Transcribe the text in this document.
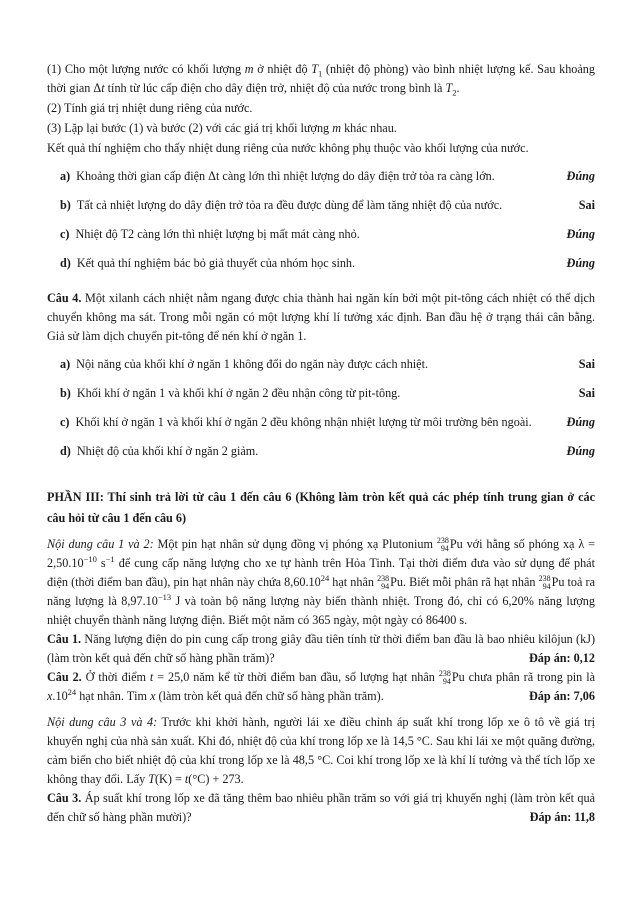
(1) Cho một lượng nước có khối lượng m ở nhiệt độ $T_1$ (nhiệt độ phòng) vào bình nhiệt lượng kế. Sau khoảng thời gian Δt tính từ lúc cấp điện cho dây điện trở, nhiệt độ của nước trong bình là $T_2$.

(2) Tính giá trị nhiệt dung riêng của nước.

(3) Lặp lại bước (1) và bước (2) với các giá trị khối lượng m khác nhau.

Kết quả thí nghiệm cho thấy nhiệt dung riêng của nước không phụ thuộc vào khối lượng của nước.

a) Khoảng thời gian cấp điện Δt càng lớn thì nhiệt lượng do dây điện trở tỏa ra càng lớn.	Đúng
b) Tất cả nhiệt lượng do dây điện trở tỏa ra đều được dùng để làm tăng nhiệt độ của nước.	Sai
c) Nhiệt độ T2 càng lớn thì nhiệt lượng bị mất mát càng nhỏ.	Đúng
d) Kết quả thí nghiệm bác bỏ giả thuyết của nhóm học sinh.	Đúng

Câu 4. Một xilanh cách nhiệt nằm ngang được chia thành hai ngăn kín bởi một pit-tông cách nhiệt có thể dịch chuyển không ma sát. Trong mỗi ngăn có một lượng khí lí tưởng xác định. Ban đầu hệ ở trạng thái cân bằng. Giả sử làm dịch chuyển pit-tông để nén khí ở ngăn 1.

a) Nội năng của khối khí ở ngăn 1 không đổi do ngăn này được cách nhiệt.	Sai
b) Khối khí ở ngăn 1 và khối khí ở ngăn 2 đều nhận công từ pit-tông.	Sai
c) Khối khí ở ngăn 1 và khối khí ở ngăn 2 đều không nhận nhiệt lượng từ môi trường bên ngoài.	Đúng
d) Nhiệt độ của khối khí ở ngăn 2 giảm.	Đúng

PHẦN III: Thí sinh trả lời từ câu 1 đến câu 6 (Không làm tròn kết quả các phép tính trung gian ở các câu hỏi từ câu 1 đến câu 6)

Nội dung câu 1 và 2: Một pin hạt nhân sử dụng đồng vị phóng xạ Plutonium 238
94 Pu với hằng số phóng xạ $\lambda = 2,50.10^{-10}$ $s^{-1}$ để cung cấp năng lượng cho xe tự hành trên Hỏa Tinh. Tại thời điểm đưa vào sử dụng để phát điện (thời điểm ban đầu), pin hạt nhân này chứa 8,60.10$^{24}$ hạt nhân 238
94 Pu. Biết mỗi phân rã hạt nhân 238
94 Pu toả ra năng lượng là $8,97.10^{-13}$ J và toàn bộ năng lượng này biến thành nhiệt. Trong đó, chỉ có 6,20% năng lượng nhiệt chuyển thành năng lượng điện. Biết một năm có 365 ngày, một ngày có 86400 s.

Câu 1. Năng lượng điện do pin cung cấp trong giây đầu tiên tính từ thời điểm ban đầu là bao nhiêu kilôjun (kJ) (làm tròn kết quả đến chữ số hàng phần trăm)?	Đáp án: 0,12

Câu 2. Ở thời điểm t = 25,0 năm kể từ thời điểm ban đầu, số lượng hạt nhân 238
94 Pu chưa phân rã trong pin là $x.10^{24}$ hạt nhân. Tìm x (làm tròn kết quả đến chữ số hàng phần trăm).	Đáp án: 7,06

Nội dung câu 3 và 4: Trước khi khởi hành, người lái xe điều chỉnh áp suất khí trong lốp xe ô tô về giá trị khuyến nghị của nhà sản xuất. Khi đó, nhiệt độ của khí trong lốp xe là 14,5 °C. Sau khi lái xe một quãng đường, cảm biến cho biết nhiệt độ của khí trong lốp xe là 48,5 °C. Coi khí trong lốp xe là khí lí tưởng và thể tích lốp xe không thay đổi. Lấy T(K) = t(°C) + 273.

Câu 3. Áp suất khí trong lốp xe đã tăng thêm bao nhiêu phần trăm so với giá trị khuyến nghị (làm tròn kết quả đến chữ số hàng phần mười)?	Đáp án: 11,8
